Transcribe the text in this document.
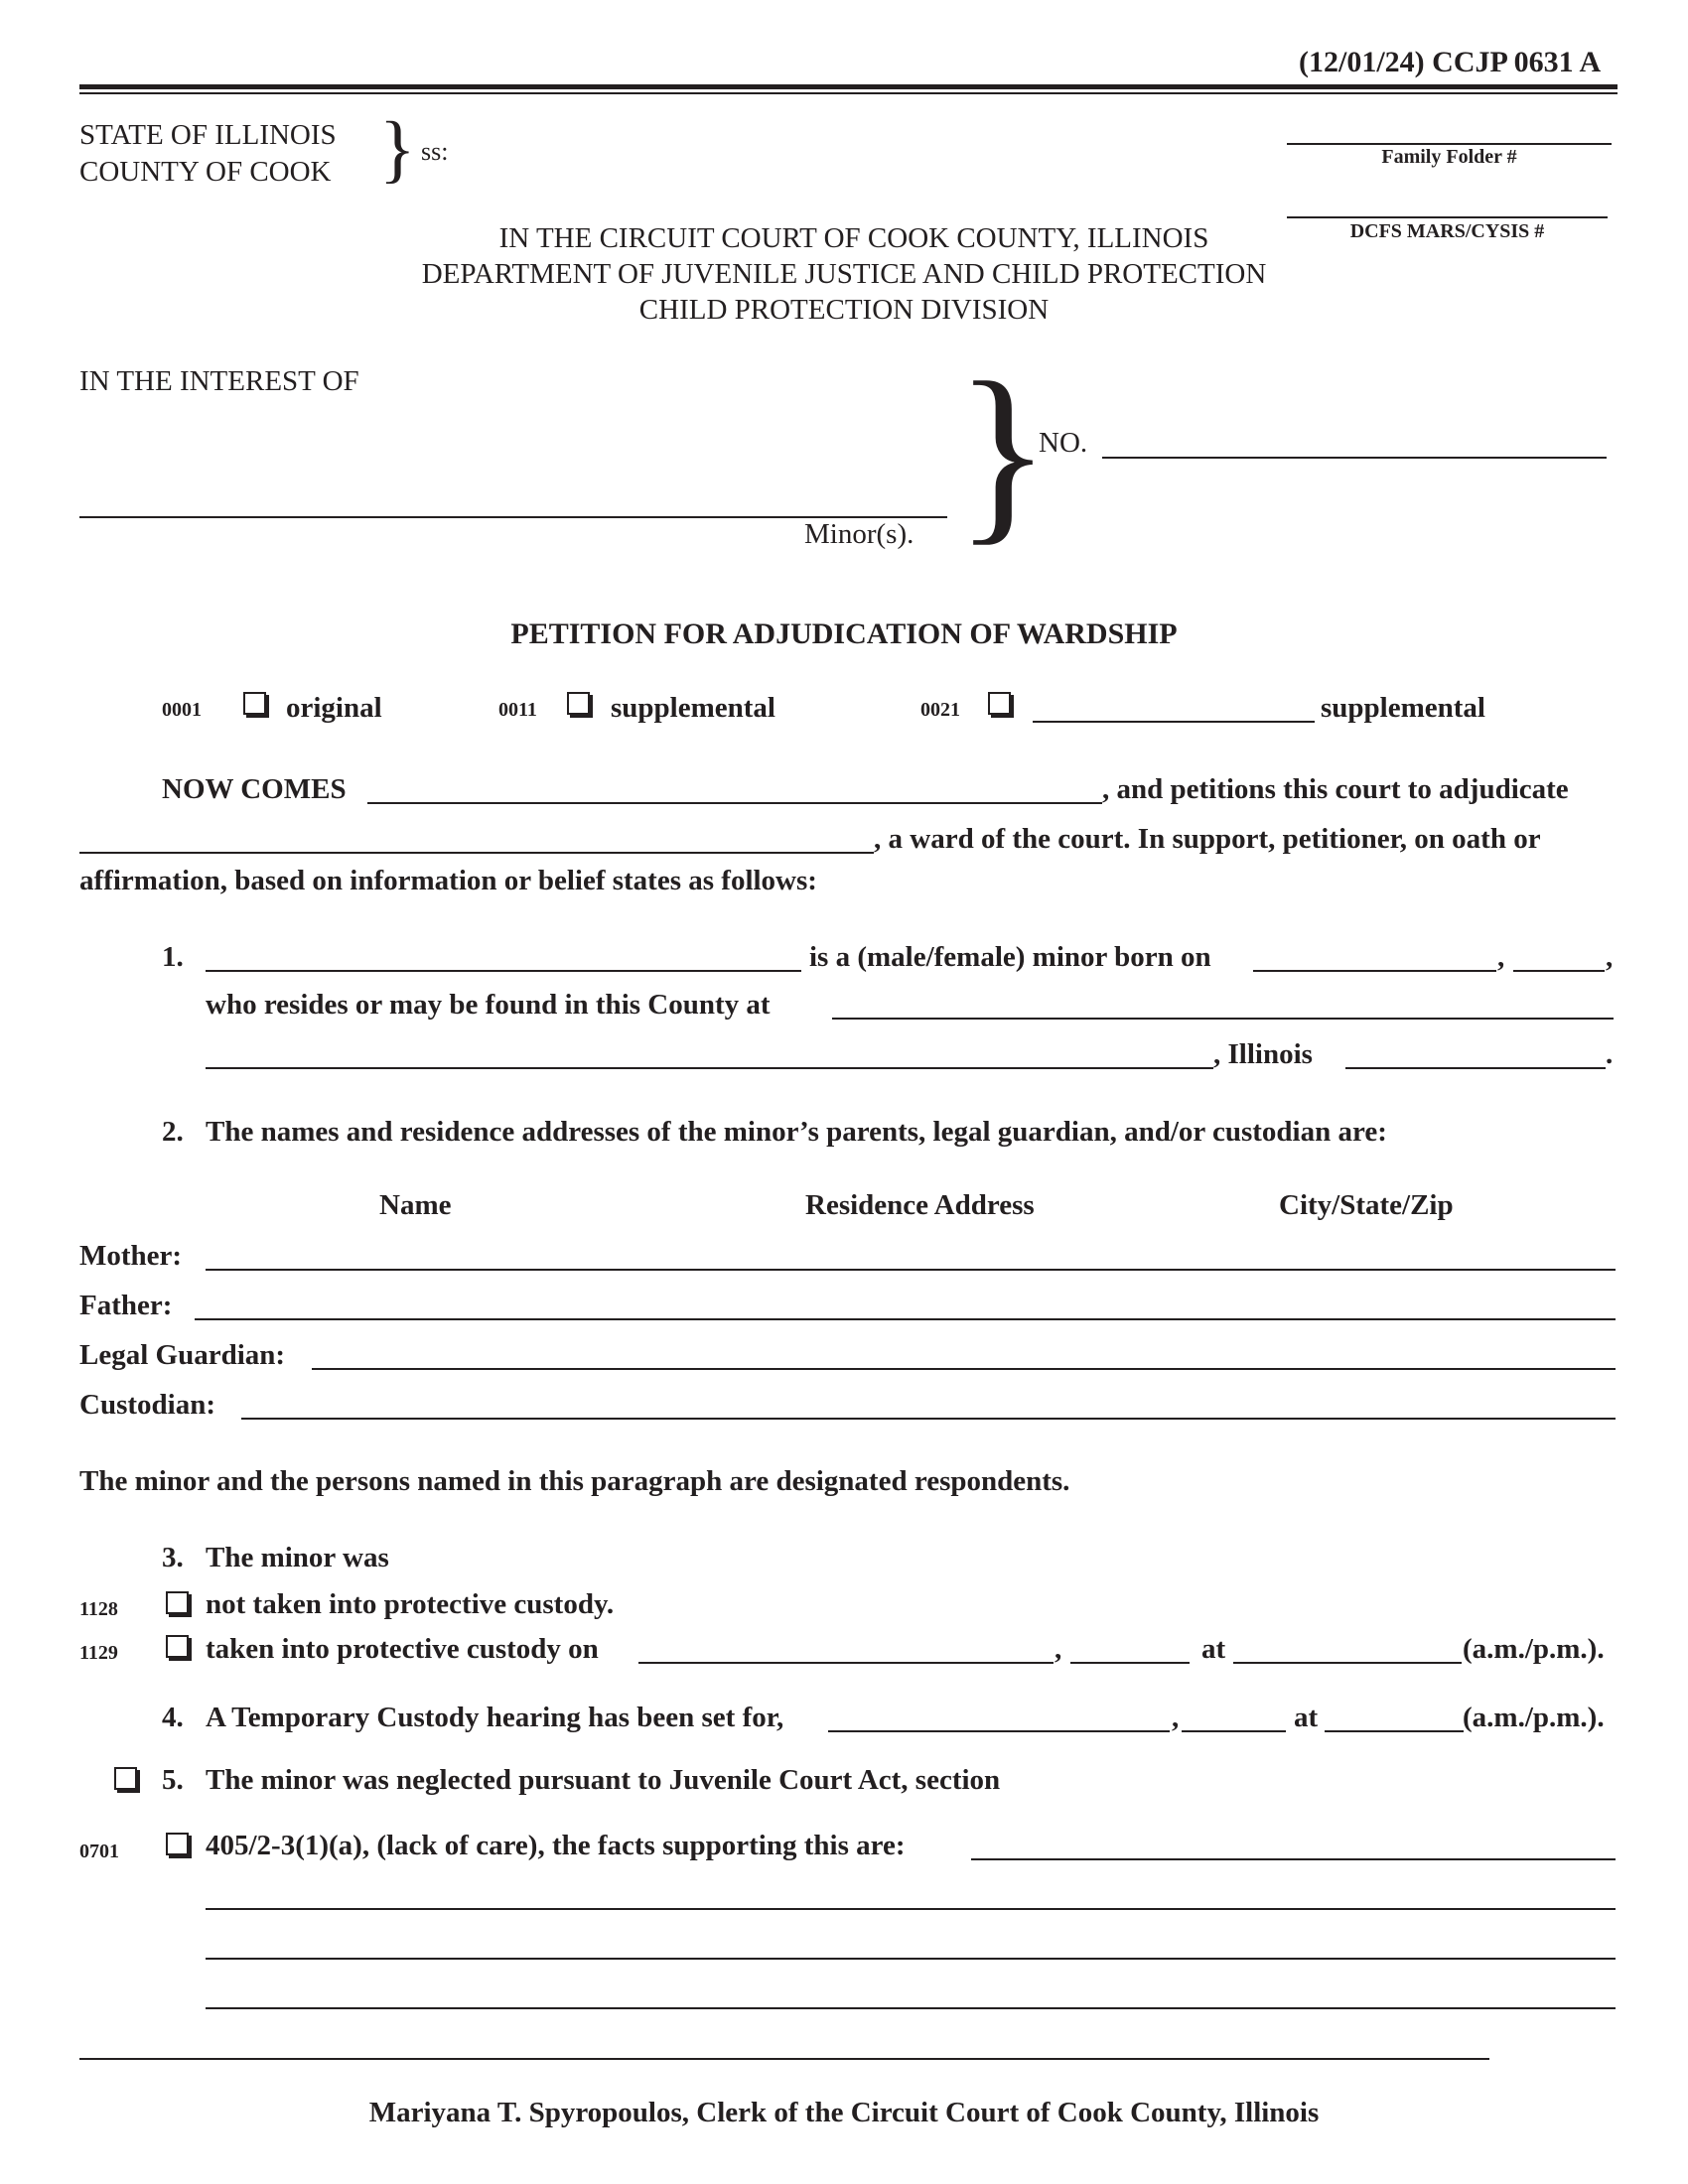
(12/01/24) CCJP 0631 A
STATE OF ILLINOIS
COUNTY OF COOK } ss:	Family Folder #
DCFS MARS/CYSIS #
IN THE CIRCUIT COURT OF COOK COUNTY, ILLINOIS
DEPARTMENT OF JUVENILE JUSTICE AND CHILD PROTECTION
CHILD PROTECTION DIVISION
IN THE INTEREST OF
Minor(s). }
NO.
PETITION FOR ADJUDICATION OF WARDSHIP
0001	original	0011	supplemental	0021	supplemental
NOW COMES	, and petitions this court to adjudicate
, a ward of the court. In support, petitioner, on oath or
affirmation, based on information or belief states as follows:
1.	is a (male/female) minor born on	,	,
who resides or may be found in this County at
, Illinois	.
2. The names and residence addresses of the minor’s parents, legal guardian, and/or custodian are:
Name	Residence Address	City/State/Zip
Mother:
Father:
Legal Guardian:
Custodian:
The minor and the persons named in this paragraph are designated respondents.
3. The minor was
1128	not taken into protective custody.
1129	taken into protective custody on	,	at	(a.m./p.m.).
4. A Temporary Custody hearing has been set for,	,	at	(a.m./p.m.).
5. The minor was neglected pursuant to Juvenile Court Act, section
0701	405/2-3(1)(a), (lack of care), the facts supporting this are:
Mariyana T. Spyropoulos, Clerk of the Circuit Court of Cook County, Illinois
